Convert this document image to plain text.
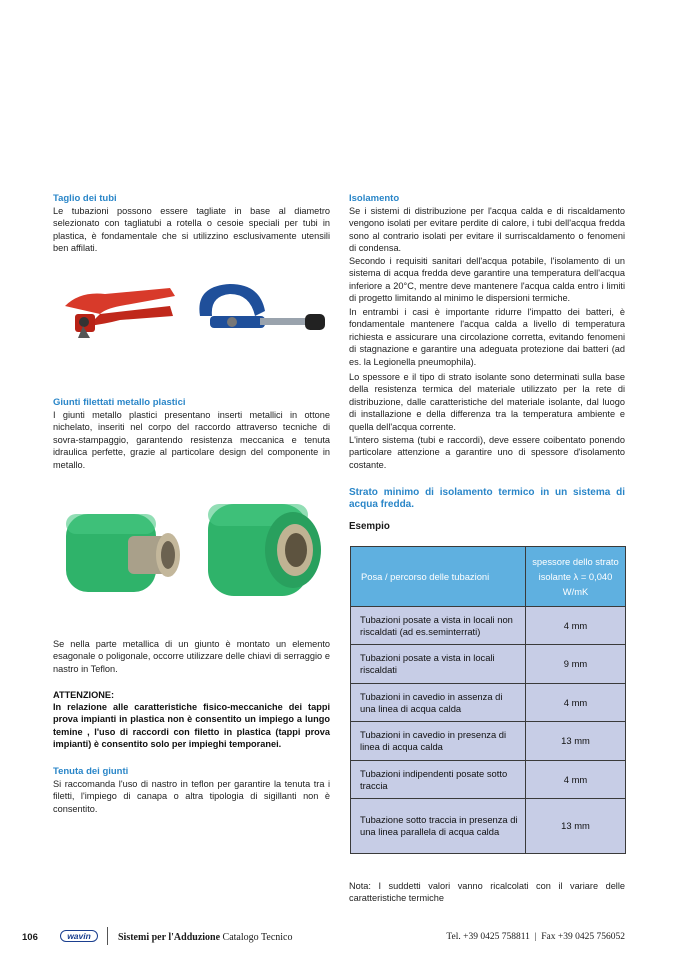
Taglio dei tubi
Le tubazioni possono essere tagliate in base al diametro selezionato con tagliatubi a rotella o cesoie speciali per tubi in plastica, è fondamentale che si utilizzino esclusivamente utensili ben affilati.
Giunti filettati metallo plastici
I giunti metallo plastici presentano inserti metallici in ottone nichelato, inseriti nel corpo del raccordo attraverso tecniche di sovra-stampaggio, garantendo resistenza meccanica e tenuta idraulica perfette, grazie al particolare design del componente in metallo.
Se nella parte metallica di un giunto è montato un elemento esagonale o poligonale, occorre utilizzare delle chiavi di serraggio e nastro in Teflon.
ATTENZIONE:
In relazione alle caratteristiche fisico-meccaniche dei tappi prova impianti in plastica non è consentito un impiego a lungo temine , l'uso di raccordi con filetto in plastica (tappi prova impianti) è consentito solo per impieghi temporanei.
Tenuta dei giunti
Si raccomanda l'uso di nastro in teflon per garantire la tenuta tra i filetti, l'impiego di canapa o altra tipologia di sigillanti non è consentito.
Isolamento
Se i sistemi di distribuzione per l'acqua calda e di riscaldamento vengono isolati per evitare perdite di calore, i tubi dell'acqua fredda sono al contrario isolati per evitare il surriscaldamento o fenomeni di condensa.
Secondo i requisiti sanitari dell'acqua potabile, l'isolamento di un sistema di acqua fredda deve garantire una temperatura dell'acqua inferiore a 20°C, mentre deve mantenere l'acqua calda entro i limiti di progetto limitando al minimo le dispersioni termiche.
In entrambi i casi è importante ridurre l'impatto dei batteri, è fondamentale mantenere l'acqua calda a livello di temperatura richiesta e assicurare una circolazione corretta, evitando fenomeni di stagnazione e garantire una adeguata protezione dai batteri (ad es. la Legionella pneumophila).
Lo spessore e il tipo di strato isolante sono determinati sulla base della resistenza termica del materiale utilizzato per la rete di distribuzione, dalle caratteristiche del materiale isolante, dal luogo di installazione e della differenza tra la temperatura ambiente e quella dell'acqua corrente.
L'intero sistema (tubi e raccordi), deve essere coibentato ponendo particolare attenzione a garantire uno di spessore d'isolamento costante.
Strato minimo di isolamento termico in un sistema di acqua fredda.
Esempio
Posa / percorso delle tubazioni	spessore dello strato isolante λ = 0,040 W/mK

Tubazioni posate a vista in locali non riscaldati (ad es.seminterrati)	4 mm
Tubazioni posate a vista in locali riscaldati	9 mm
Tubazioni in cavedio in assenza di una linea di acqua calda	4 mm
Tubazioni in cavedio in presenza di linea di acqua calda	13 mm
Tubazioni indipendenti posate sotto traccia	4 mm
Tubazione sotto traccia in presenza di una linea parallela di acqua calda	13 mm
Nota: I suddetti valori vanno ricalcolati con il variare delle caratteristiche termiche
106	wavin	Sistemi per l'Adduzione Catalogo Tecnico	Tel. +39 0425 758811  |  Fax +39 0425 756052
